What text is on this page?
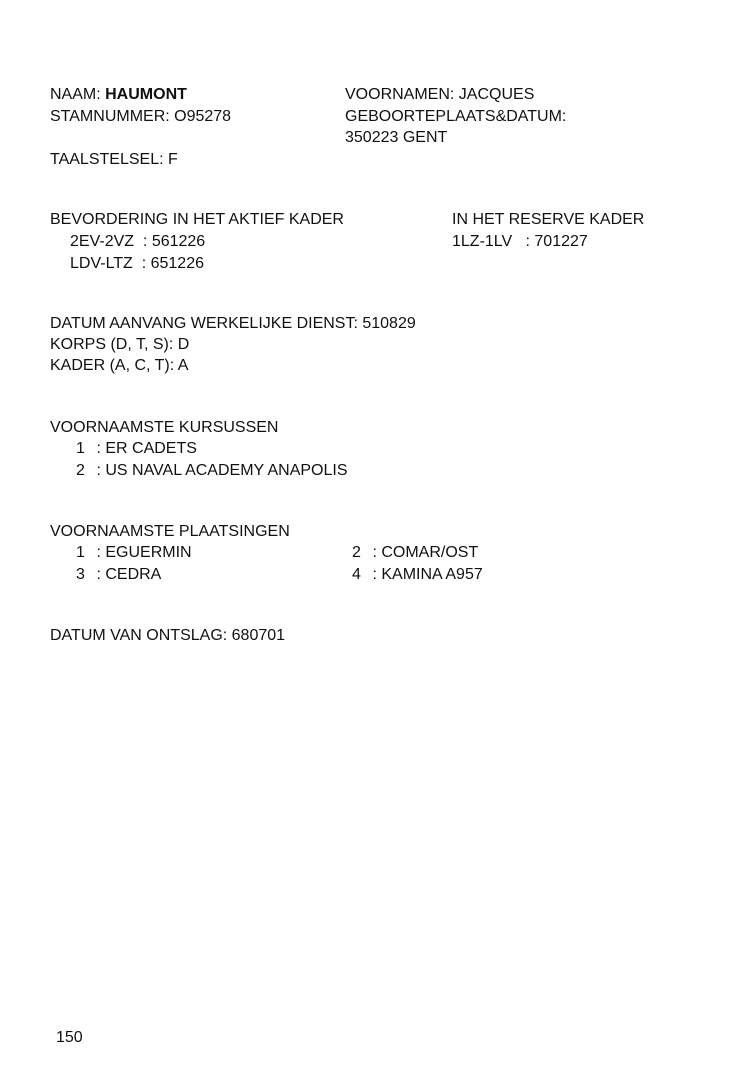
NAAM: HAUMONT	VOORNAMEN: JACQUES
STAMNUMMER: O95278	GEBOORTEPLAATS&DATUM:
350223 GENT
TAALSTELSEL: F
BEVORDERING IN HET AKTIEF KADER	IN HET RESERVE KADER
2EV-2VZ  : 561226	1LZ-1LV   : 701227
LDV-LTZ  : 651226
DATUM AANVANG WERKELIJKE DIENST: 510829
KORPS (D, T, S): D
KADER (A, C, T): A
VOORNAAMSTE KURSUSSEN
1 : ER CADETS
2 : US NAVAL ACADEMY ANAPOLIS
VOORNAAMSTE PLAATSINGEN
1 : EGUERMIN	2 : COMAR/OST
3 : CEDRA	4 : KAMINA A957
DATUM VAN ONTSLAG: 680701
150
